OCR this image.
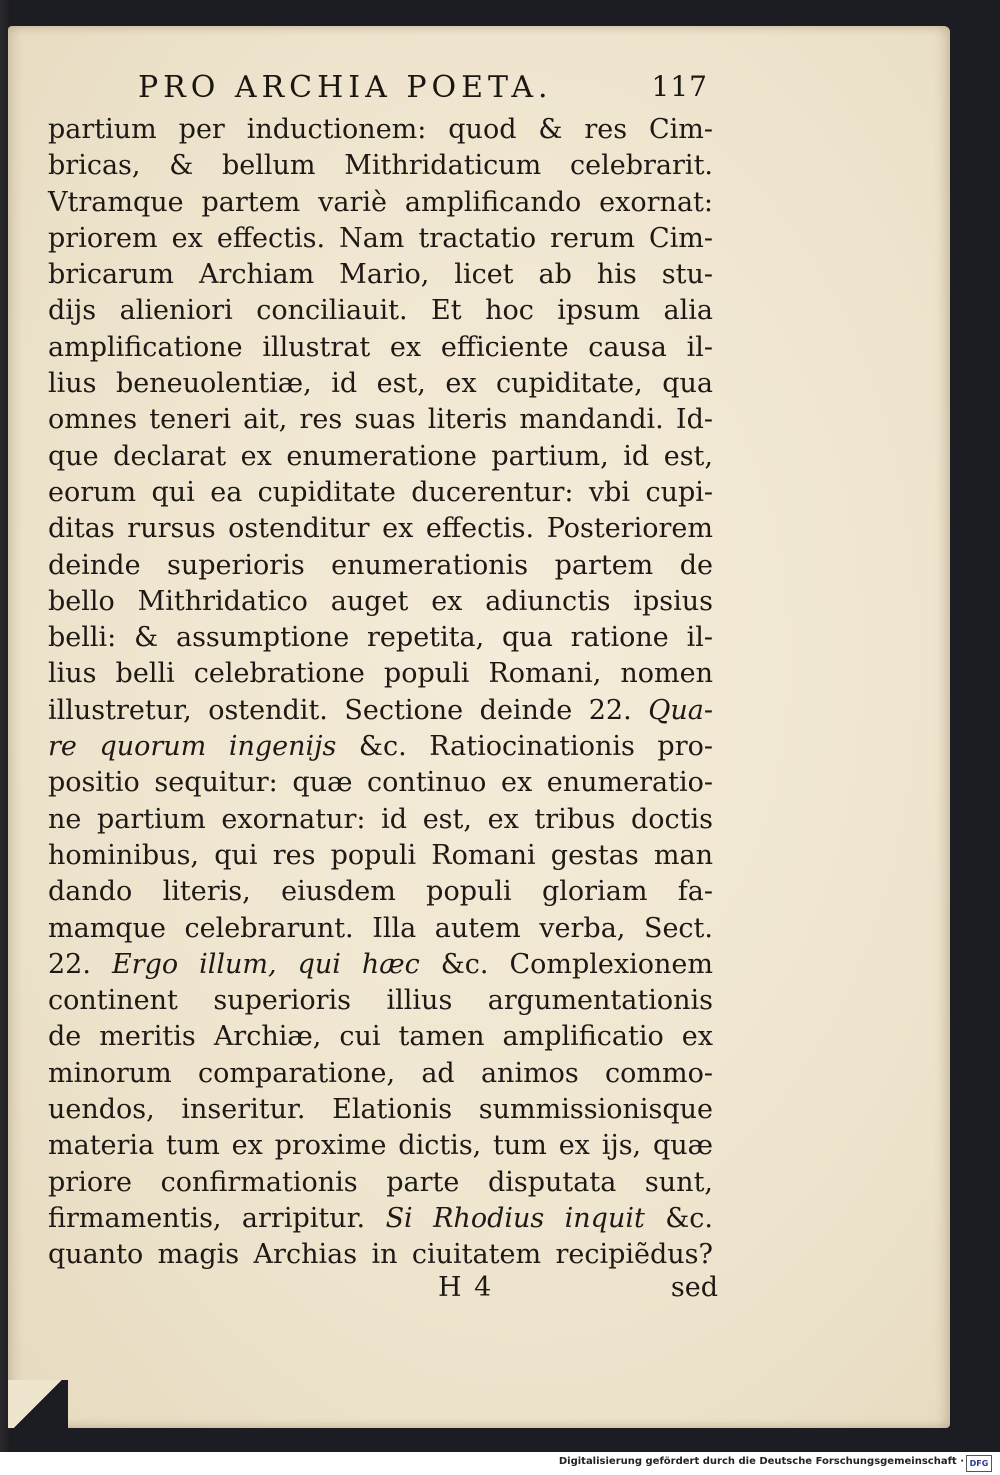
PRO ARCHIA POETA.	117
partium per inductionem: quod & res Cim-
bricas, & bellum Mithridaticum celebrarit.
Vtramque partem variè amplificando exornat:
priorem ex effectis. Nam tractatio rerum Cim-
bricarum Archiam Mario, licet ab his stu-
dijs alieniori conciliauit. Et hoc ipsum alia
amplificatione illustrat ex efficiente causa il-
lius beneuolentiæ, id est, ex cupiditate, qua
omnes teneri ait, res suas literis mandandi. Id-
que declarat ex enumeratione partium, id est,
eorum qui ea cupiditate ducerentur: vbi cupi-
ditas rursus ostenditur ex effectis. Posteriorem
deinde superioris enumerationis partem de
bello Mithridatico auget ex adiunctis ipsius
belli: & assumptione repetita, qua ratione il-
lius belli celebratione populi Romani, nomen
illustretur, ostendit. Sectione deinde 22. Qua-
re quorum ingenijs &c. Ratiocinationis pro-
positio sequitur: quæ continuo ex enumeratio-
ne partium exornatur: id est, ex tribus doctis
hominibus, qui res populi Romani gestas man
dando literis, eiusdem populi gloriam fa-
mamque celebrarunt. Illa autem verba, Sect.
22. Ergo illum, qui hæc &c. Complexionem
continent superioris illius argumentationis
de meritis Archiæ, cui tamen amplificatio ex
minorum comparatione, ad animos commo-
uendos, inseritur. Elationis summissionisque
materia tum ex proxime dictis, tum ex ijs, quæ
priore confirmationis parte disputata sunt,
firmamentis, arripitur. Si Rhodius inquit &c.
quanto magis Archias in ciuitatem recipiẽdus?
H 4	sed
Digitalisierung gefördert durch die Deutsche Forschungsgemeinschaft · DFG
